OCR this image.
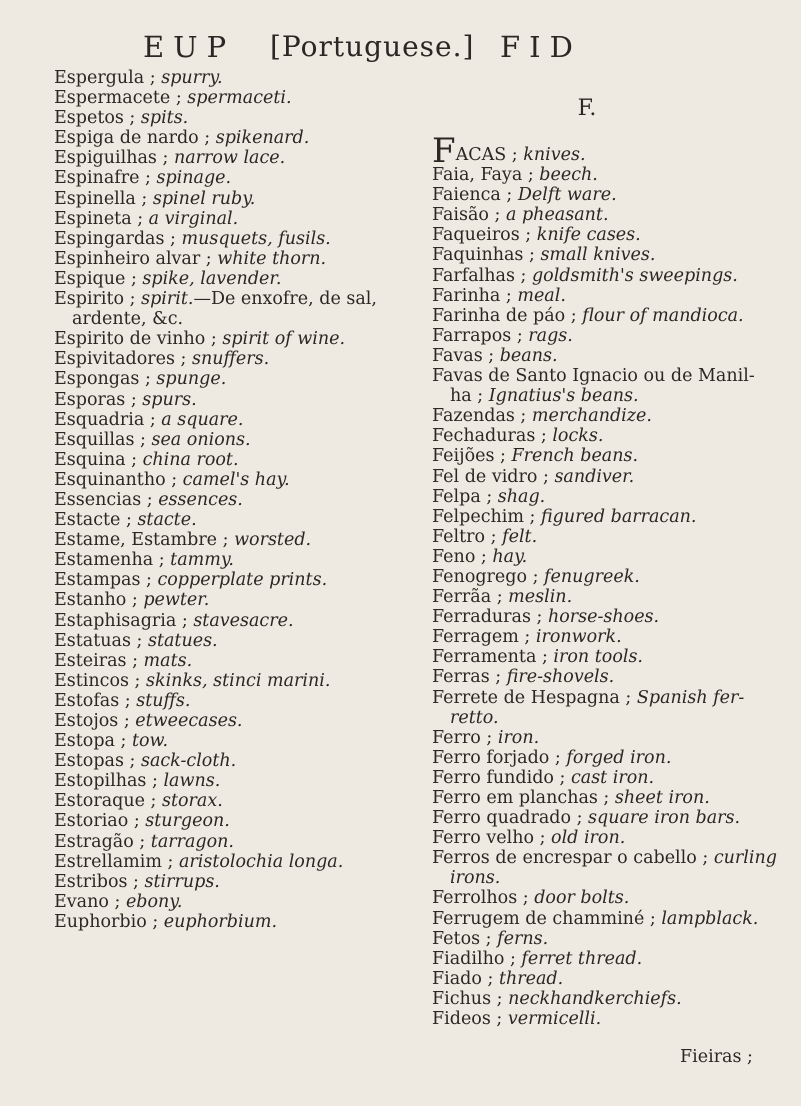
EUP [Portuguese.] FID
Espergula ; spurry.
Espermacete ; spermaceti.
Espetos ; spits.
Espiga de nardo ; spikenard.
Espiguilhas ; narrow lace.
Espinafre ; spinage.
Espinella ; spinel ruby.
Espineta ; a virginal.
Espingardas ; musquets, fusils.
Espinheiro alvar ; white thorn.
Espique ; spike, lavender.
Espirito ; spirit.—De enxofre, de sal,
ardente, &c.
Espirito de vinho ; spirit of wine.
Espivitadores ; snuffers.
Espongas ; spunge.
Esporas ; spurs.
Esquadria ; a square.
Esquillas ; sea onions.
Esquina ; china root.
Esquinantho ; camel's hay.
Essencias ; essences.
Estacte ; stacte.
Estame, Estambre ; worsted.
Estamenha ; tammy.
Estampas ; copperplate prints.
Estanho ; pewter.
Estaphisagria ; stavesacre.
Estatuas ; statues.
Esteiras ; mats.
Estincos ; skinks, stinci marini.
Estofas ; stuffs.
Estojos ; etweecases.
Estopa ; tow.
Estopas ; sack-cloth.
Estopilhas ; lawns.
Estoraque ; storax.
Estoriao ; sturgeon.
Estragão ; tarragon.
Estrellamim ; aristolochia longa.
Estribos ; stirrups.
Evano ; ebony.
Euphorbio ; euphorbium.
F.
FACAS ; knives.
Faia, Faya ; beech.
Faienca ; Delft ware.
Faisão ; a pheasant.
Faqueiros ; knife cases.
Faquinhas ; small knives.
Farfalhas ; goldsmith's sweepings.
Farinha ; meal.
Farinha de páo ; flour of mandioca.
Farrapos ; rags.
Favas ; beans.
Favas de Santo Ignacio ou de Manil-
ha ; Ignatius's beans.
Fazendas ; merchandize.
Fechaduras ; locks.
Feijões ; French beans.
Fel de vidro ; sandiver.
Felpa ; shag.
Felpechim ; figured barracan.
Feltro ; felt.
Feno ; hay.
Fenogrego ; fenugreek.
Ferrãa ; meslin.
Ferraduras ; horse-shoes.
Ferragem ; ironwork.
Ferramenta ; iron tools.
Ferras ; fire-shovels.
Ferrete de Hespagna ; Spanish fer-
retto.
Ferro ; iron.
Ferro forjado ; forged iron.
Ferro fundido ; cast iron.
Ferro em planchas ; sheet iron.
Ferro quadrado ; square iron bars.
Ferro velho ; old iron.
Ferros de encrespar o cabello ; curling
irons.
Ferrolhos ; door bolts.
Ferrugem de chamminé ; lampblack.
Fetos ; ferns.
Fiadilho ; ferret thread.
Fiado ; thread.
Fichus ; neckhandkerchiefs.
Fideos ; vermicelli.
Fieiras ;
